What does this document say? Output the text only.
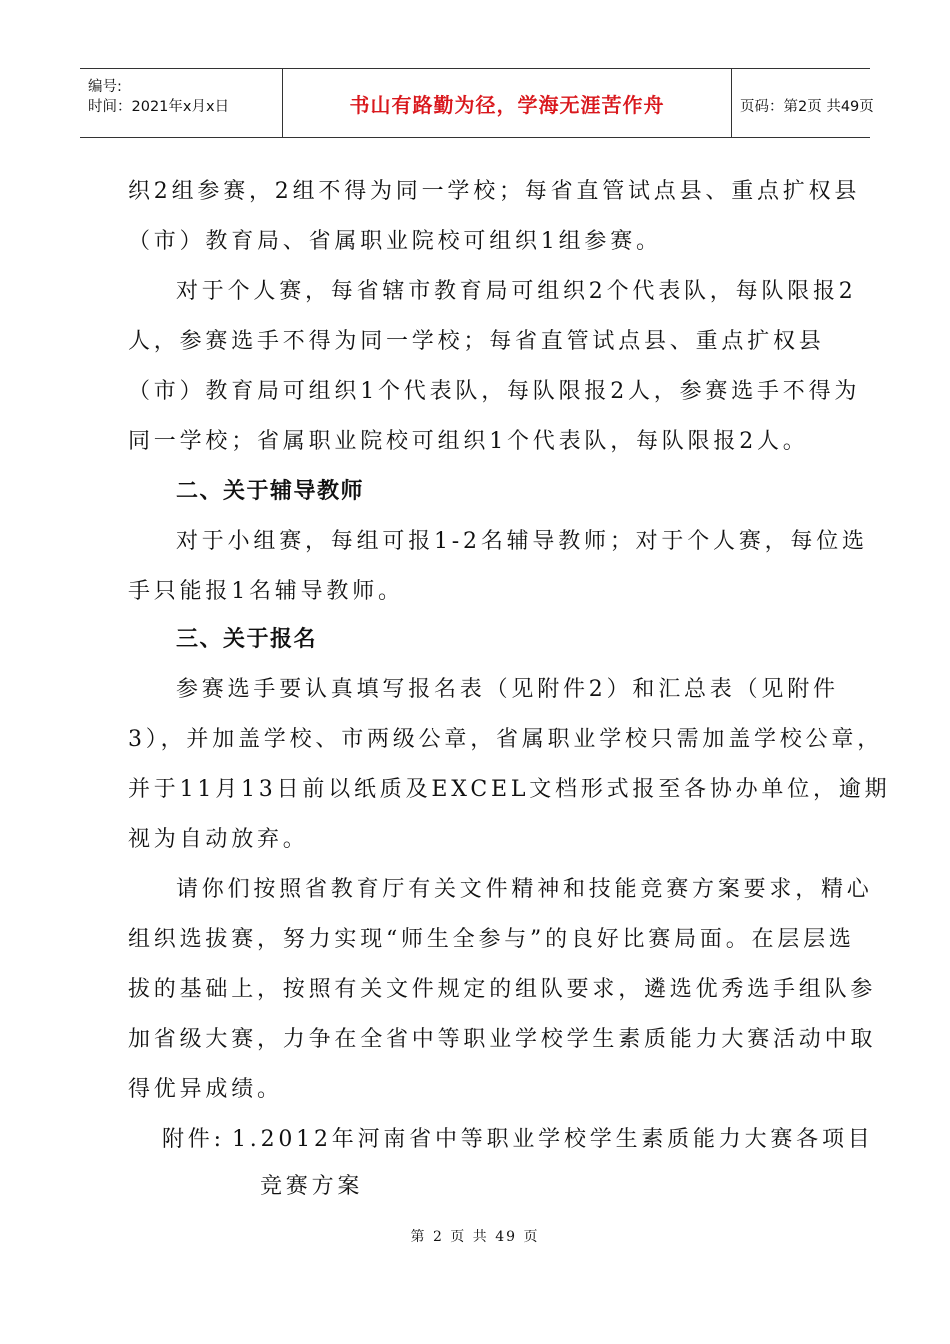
编号:
时间：2021年x月x日	书山有路勤为径，学海无涯苦作舟	页码：第2页 共49页
织2组参赛，2组不得为同一学校；每省直管试点县、重点扩权县
（市）教育局、省属职业院校可组织1组参赛。
对于个人赛，每省辖市教育局可组织2个代表队，每队限报2
人，参赛选手不得为同一学校；每省直管试点县、重点扩权县
（市）教育局可组织1个代表队，每队限报2人，参赛选手不得为
同一学校；省属职业院校可组织1个代表队，每队限报2人。
二、关于辅导教师
对于小组赛，每组可报1-2名辅导教师；对于个人赛，每位选
手只能报1名辅导教师。
三、关于报名
参赛选手要认真填写报名表（见附件2）和汇总表（见附件
3），并加盖学校、市两级公章，省属职业学校只需加盖学校公章，
并于11月13日前以纸质及EXCEL文档形式报至各协办单位，逾期
视为自动放弃。
请你们按照省教育厅有关文件精神和技能竞赛方案要求，精心
组织选拔赛，努力实现“师生全参与”的良好比赛局面。在层层选
拔的基础上，按照有关文件规定的组队要求，遴选优秀选手组队参
加省级大赛，力争在全省中等职业学校学生素质能力大赛活动中取
得优异成绩。
附件: 1.2012年河南省中等职业学校学生素质能力大赛各项目
竞赛方案
第 2 页 共 49 页
